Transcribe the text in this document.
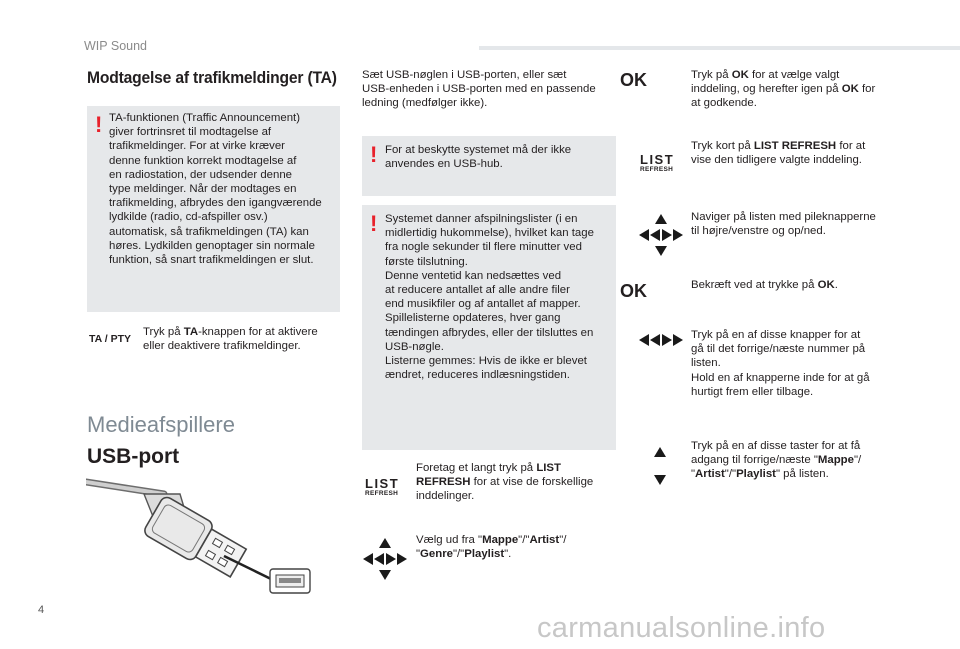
WIP Sound
Modtagelse af trafikmeldinger (TA)
! TA-funktionen (Traffic Announcement)
giver fortrinsret til modtagelse af
trafikmeldinger. For at virke kræver
denne funktion korrekt modtagelse af
en radiostation, der udsender denne
type meldinger. Når der modtages en
trafikmelding, afbrydes den igangværende
lydkilde (radio, cd-afspiller osv.)
automatisk, så trafikmeldingen (TA) kan
høres. Lydkilden genoptager sin normale
funktion, så snart trafikmeldingen er slut.
TA / PTY
Tryk på TA-knappen for at aktivere
eller deaktivere trafikmeldinger.
Medieafspillere
USB-port
Sæt USB-nøglen i USB-porten, eller sæt
USB-enheden i USB-porten med en passende
ledning (medfølger ikke).
! For at beskytte systemet må der ikke
anvendes en USB-hub.
! Systemet danner afspilningslister (i en
midlertidig hukommelse), hvilket kan tage
fra nogle sekunder til flere minutter ved
første tilslutning.
Denne ventetid kan nedsættes ved
at reducere antallet af alle andre filer
end musikfiler og af antallet af mapper.
Spillelisterne opdateres, hver gang
tændingen afbrydes, eller der tilsluttes en
USB-nøgle.
Listerne gemmes: Hvis de ikke er blevet
ændret, reduceres indlæsningstiden.
LIST
REFRESH
Foretag et langt tryk på LIST
REFRESH for at vise de forskellige
inddelinger.
Vælg ud fra "Mappe"/"Artist"/
"Genre"/"Playlist".
OK	Tryk på OK for at vælge valgt
inddeling, og herefter igen på OK for
at godkende.
LIST
REFRESH
Tryk kort på LIST REFRESH for at
vise den tidligere valgte inddeling.
Naviger på listen med pileknapperne
til højre/venstre og op/ned.
OK	Bekræft ved at trykke på OK.
Tryk på en af disse knapper for at
gå til det forrige/næste nummer på
listen.
Hold en af knapperne inde for at gå
hurtigt frem eller tilbage.
Tryk på en af disse taster for at få
adgang til forrige/næste "Mappe"/
"Artist"/"Playlist" på listen.
4
carmanualsonline.info
